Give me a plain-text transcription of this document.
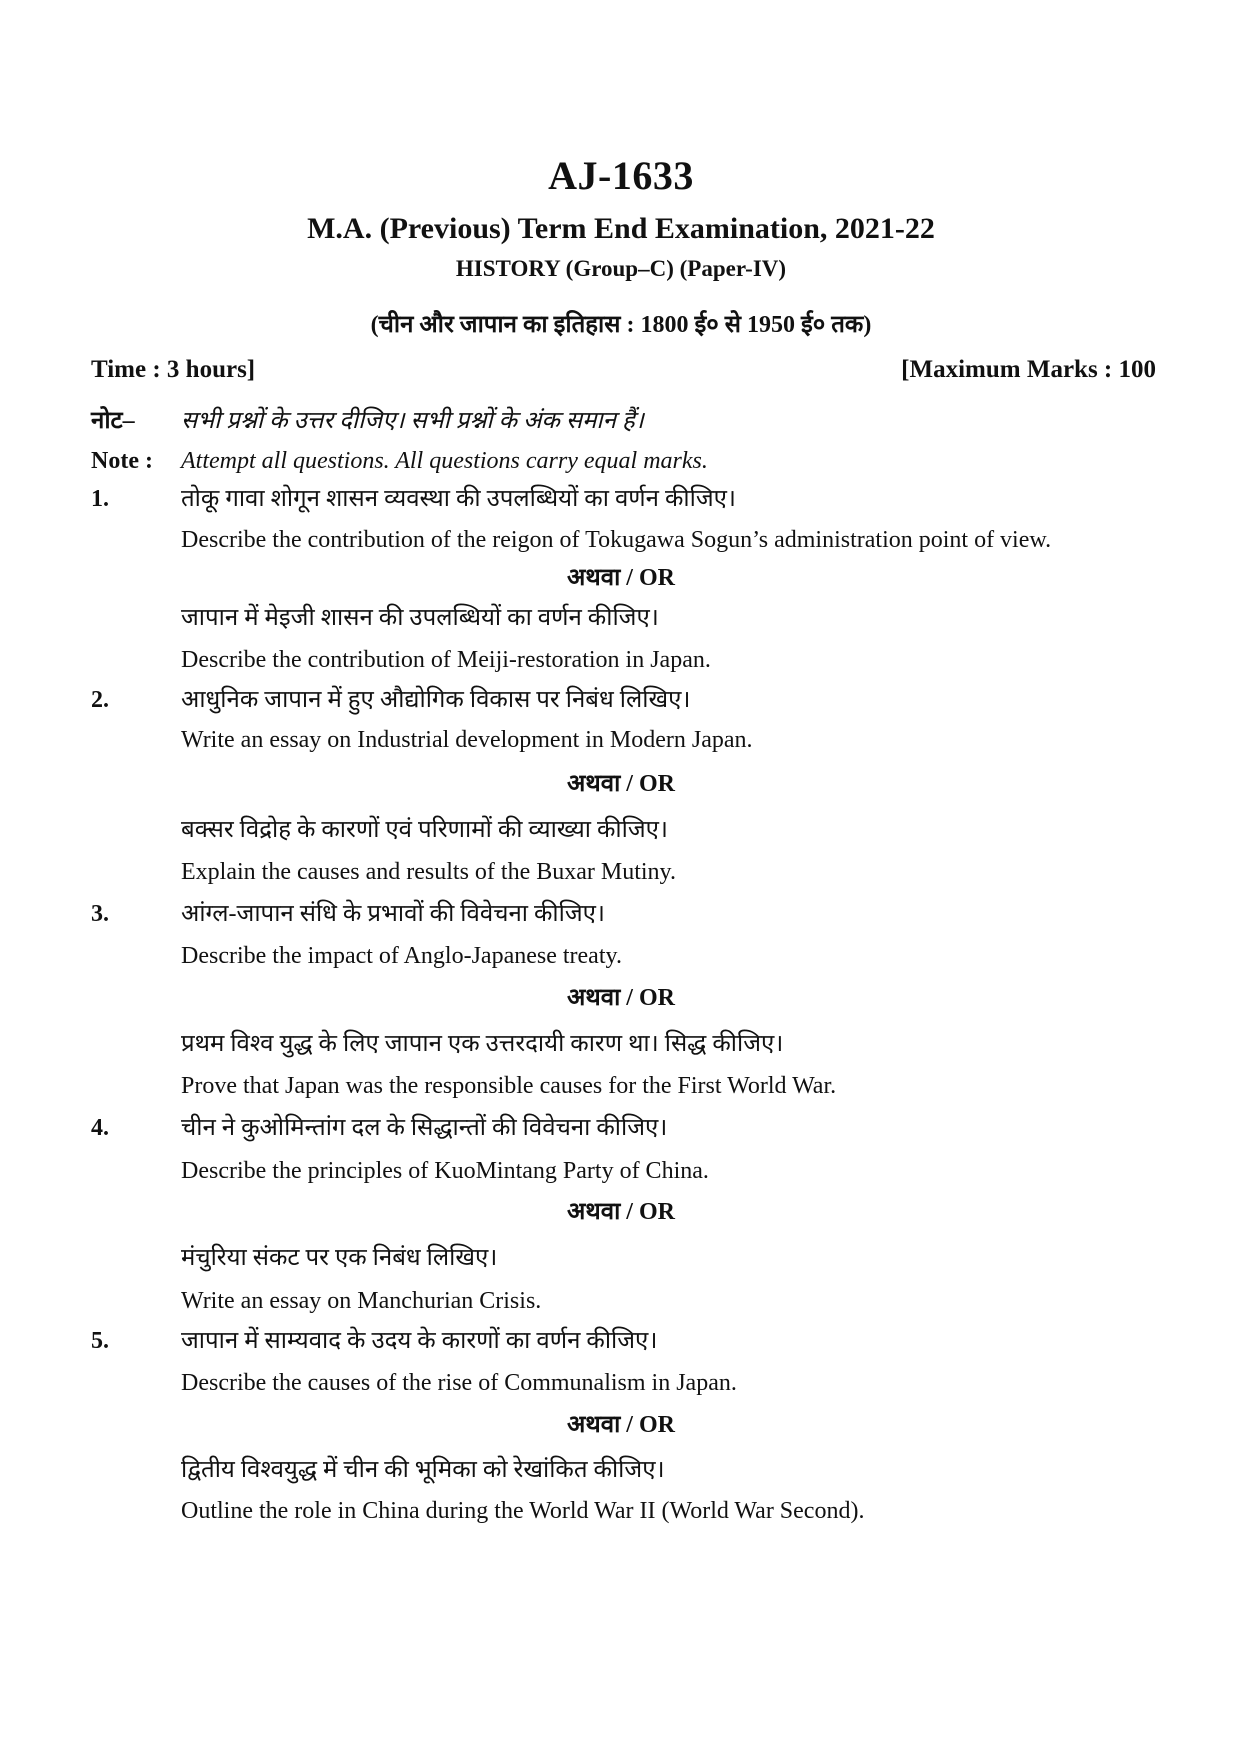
AJ-1633
M.A. (Previous) Term End Examination, 2021-22
HISTORY (Group–C) (Paper-IV)
(चीन और जापान का इतिहास : 1800 ई० से 1950 ई० तक)
Time : 3 hours]	[Maximum Marks : 100
नोट– सभी प्रश्नों के उत्तर दीजिए। सभी प्रश्नों के अंक समान हैं।
Note : Attempt all questions. All questions carry equal marks.
1.	तोकू गावा शोगून शासन व्यवस्था की उपलब्धियों का वर्णन कीजिए।
Describe the contribution of the reigon of Tokugawa Sogun’s administration point of view.
अथवा / OR
जापान में मेइजी शासन की उपलब्धियों का वर्णन कीजिए।
Describe the contribution of Meiji-restoration in Japan.
2.	आधुनिक जापान में हुए औद्योगिक विकास पर निबंध लिखिए।
Write an essay on Industrial development in Modern Japan.
अथवा / OR
बक्सर विद्रोह के कारणों एवं परिणामों की व्याख्या कीजिए।
Explain the causes and results of the Buxar Mutiny.
3.	आंग्ल-जापान संधि के प्रभावों की विवेचना कीजिए।
Describe the impact of Anglo-Japanese treaty.
अथवा / OR
प्रथम विश्व युद्ध के लिए जापान एक उत्तरदायी कारण था। सिद्ध कीजिए।
Prove that Japan was the responsible causes for the First World War.
4.	चीन ने कुओमिन्तांग दल के सिद्धान्तों की विवेचना कीजिए।
Describe the principles of KuoMintang Party of China.
अथवा / OR
मंचुरिया संकट पर एक निबंध लिखिए।
Write an essay on Manchurian Crisis.
5.	जापान में साम्यवाद के उदय के कारणों का वर्णन कीजिए।
Describe the causes of the rise of Communalism in Japan.
अथवा / OR
द्वितीय विश्वयुद्ध में चीन की भूमिका को रेखांकित कीजिए।
Outline the role in China during the World War II (World War Second).
